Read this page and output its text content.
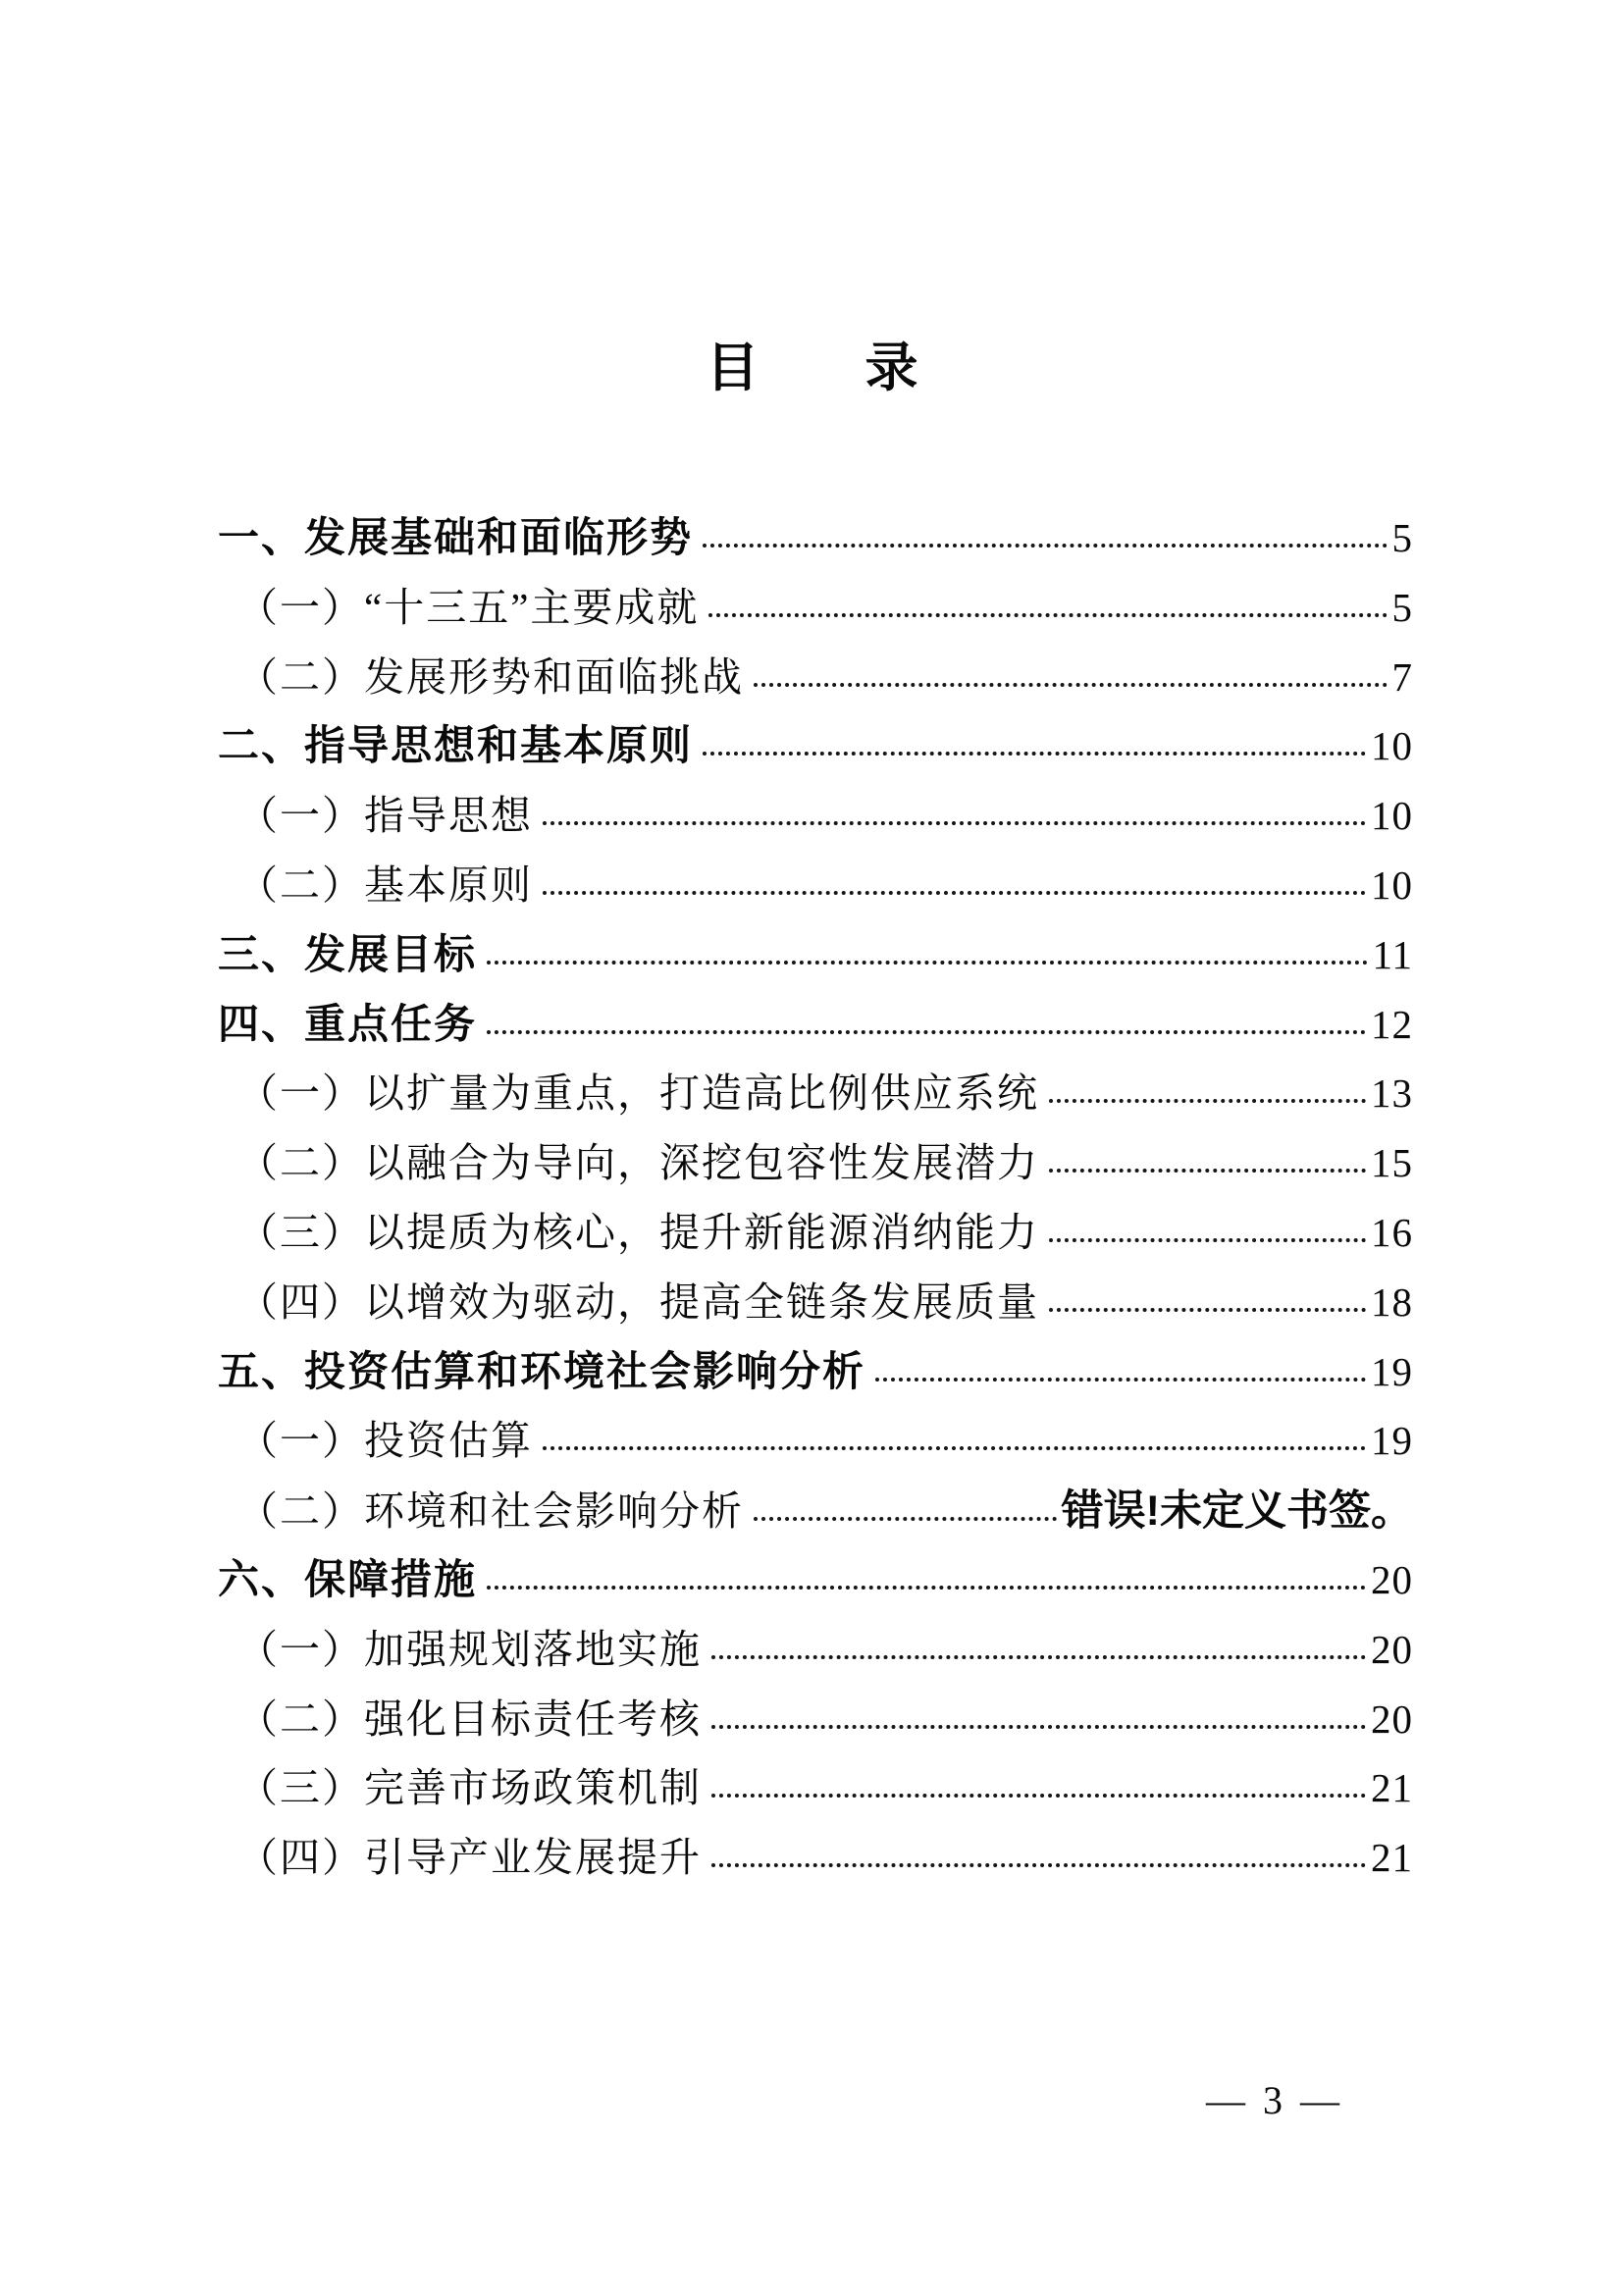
目　　录
一、发展基础和面临形势	5
（一）“十三五”主要成就	5
（二）发展形势和面临挑战	7
二、指导思想和基本原则	10
（一）指导思想	10
（二）基本原则	10
三、发展目标	11
四、重点任务	12
（一）以扩量为重点，打造高比例供应系统	13
（二）以融合为导向，深挖包容性发展潜力	15
（三）以提质为核心，提升新能源消纳能力	16
（四）以增效为驱动，提高全链条发展质量	18
五、投资估算和环境社会影响分析	19
（一）投资估算	19
（二）环境和社会影响分析	错误!未定义书签。
六、保障措施	20
（一）加强规划落地实施	20
（二）强化目标责任考核	20
（三）完善市场政策机制	21
（四）引导产业发展提升	21
— 3 —
